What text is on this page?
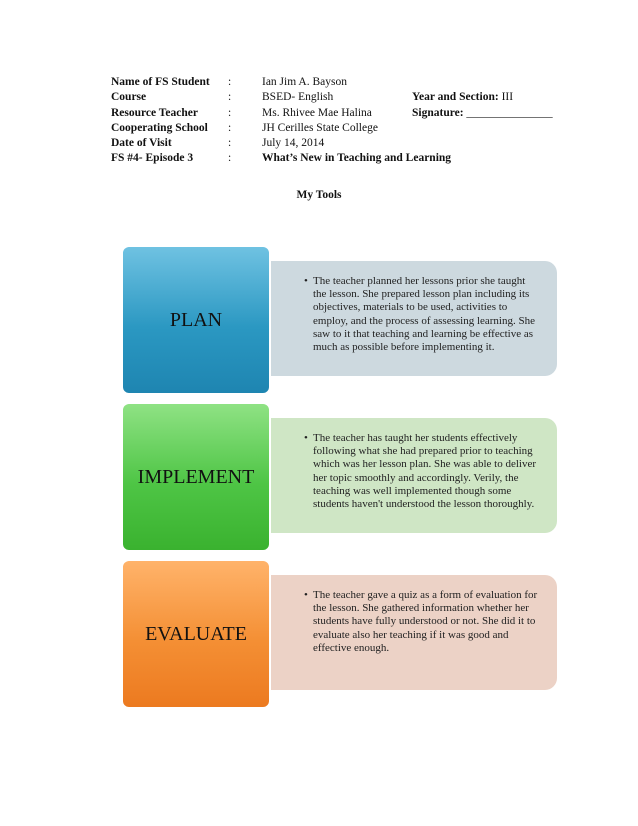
Name of FS Student :	Ian Jim A. Bayson
Course	:	BSED- English	Year and Section: III
Resource Teacher	:	Ms. Rhivee Mae Halina	Signature: _______________
Cooperating School :	JH Cerilles State College
Date of Visit	:	July 14, 2014
FS #4- Episode 3	:	What’s New in Teaching and Learning
My Tools
• The teacher planned her lessons prior she taught the lesson. She prepared lesson plan including its objectives, materials to be used, activities to employ, and the process of assessing learning. She saw to it that teaching and learning be effective as much as possible before implementing it.
PLAN
• The teacher has taught her students effectively following what she had prepared prior to teaching which was her lesson plan. She was able to deliver her topic smoothly and accordingly. Verily, the teaching was well implemented though some students haven't understood the lesson thoroughly.
IMPLEMENT
• The teacher gave a quiz as a form of evaluation for the lesson. She gathered information whether her students have fully understood or not. She did it to evaluate also her teaching if it was good and effective enough.
EVALUATE
